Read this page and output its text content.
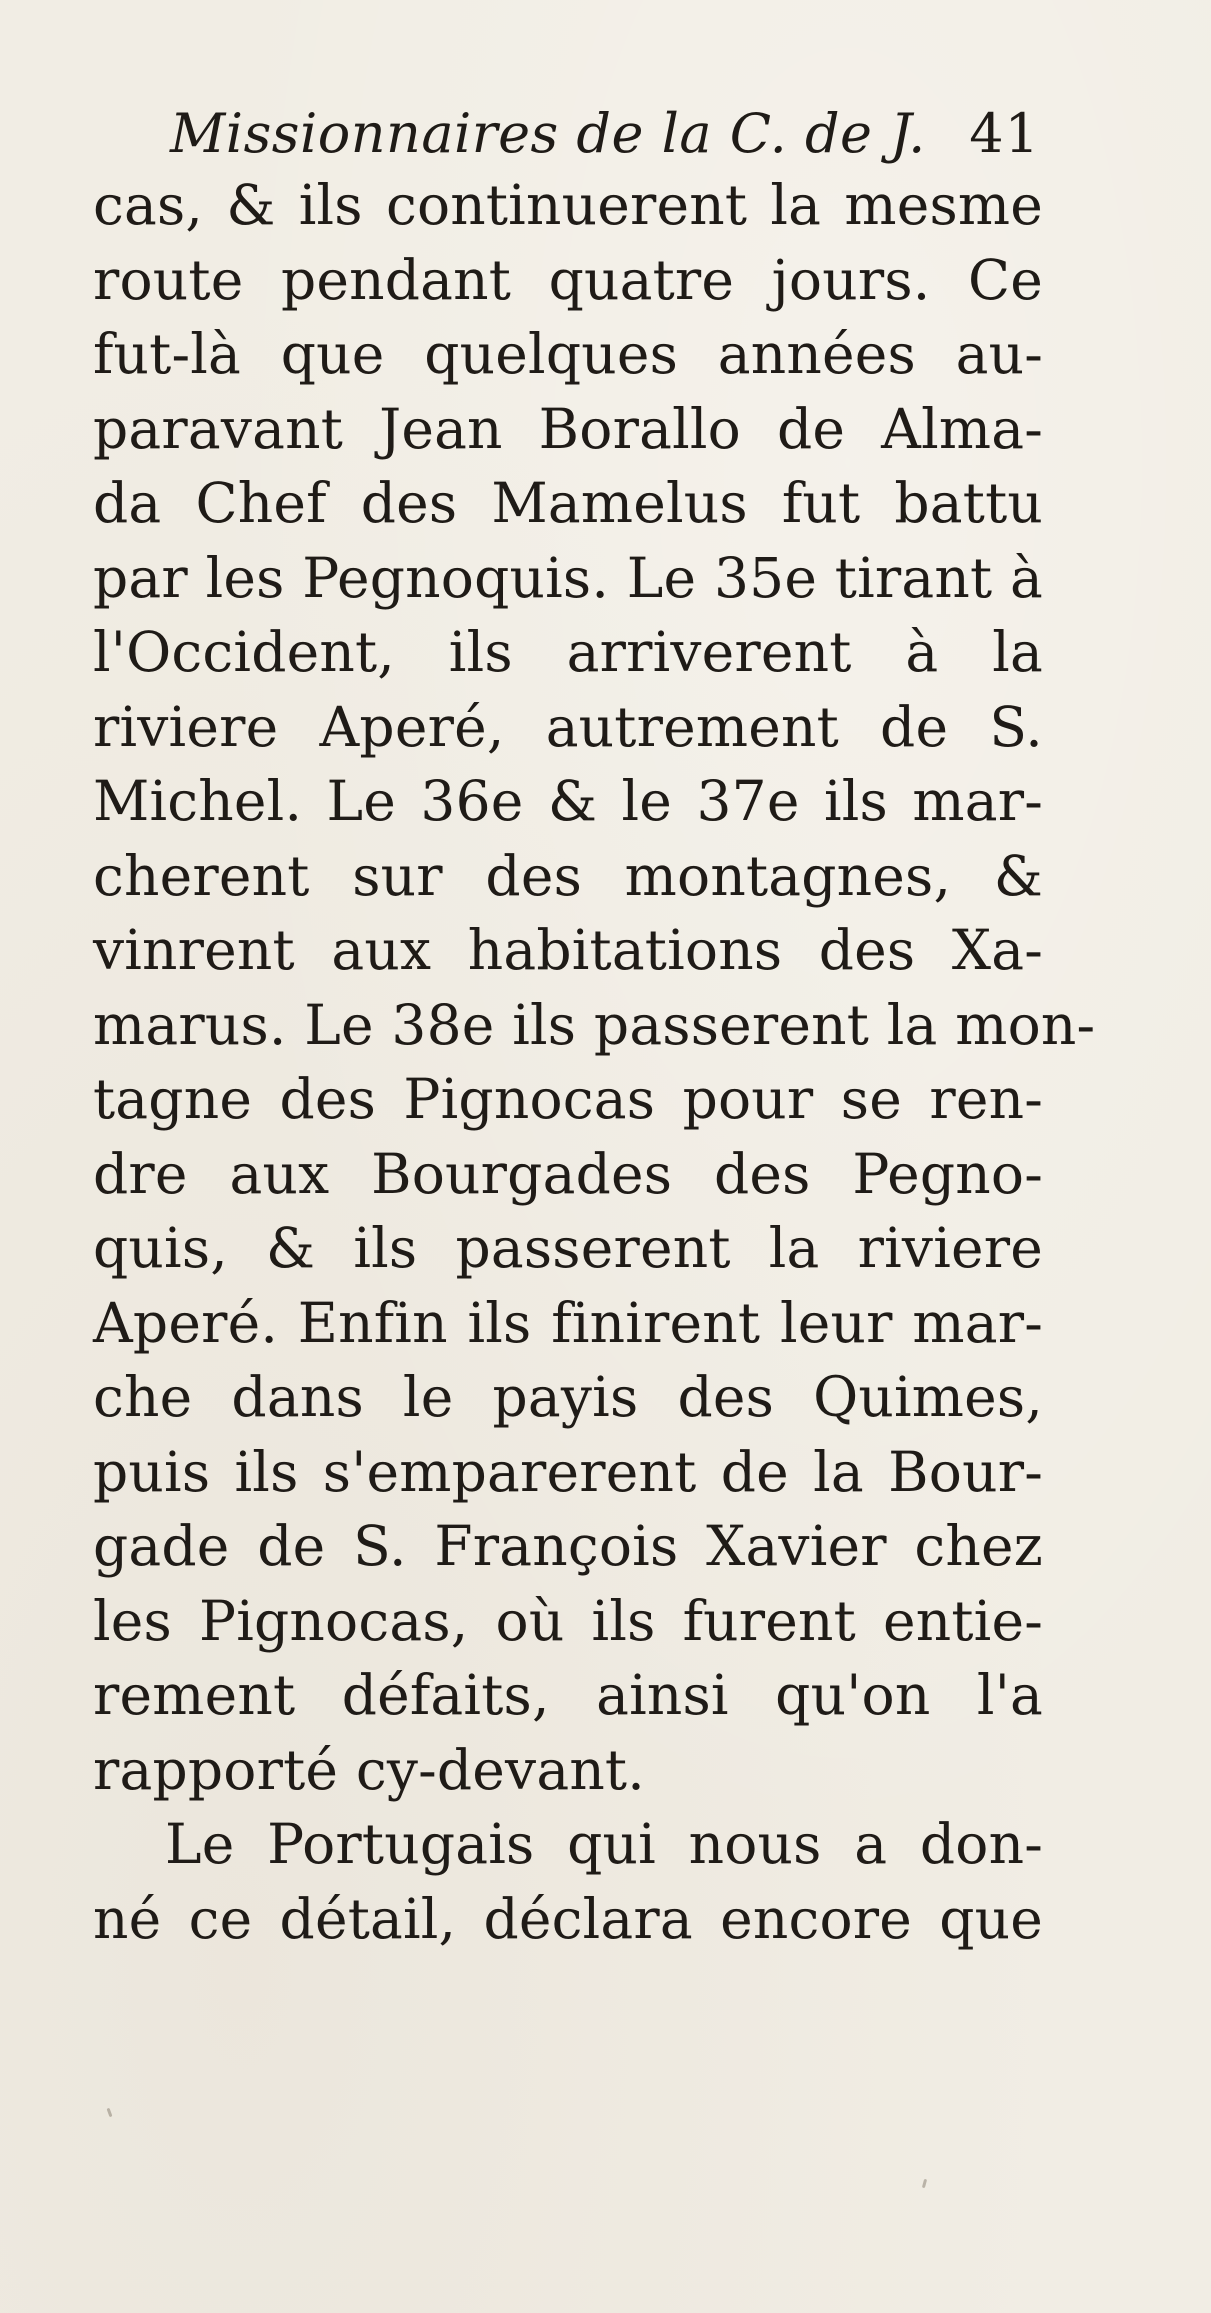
Missionnaires de la C. de J. 41
cas, & ils continuerent la mesme
route pendant quatre jours. Ce
fut-là que quelques années au-
paravant Jean Borallo de Alma-
da Chef des Mamelus fut battu
par les Pegnoquis. Le 35e tirant à
l'Occident, ils arriverent à la
riviere Aperé, autrement de S.
Michel. Le 36e & le 37e ils mar-
cherent sur des montagnes, &
vinrent aux habitations des Xa-
marus. Le 38e ils passerent la mon-
tagne des Pignocas pour se ren-
dre aux Bourgades des Pegno-
quis, & ils passerent la riviere
Aperé. Enfin ils finirent leur mar-
che dans le payis des Quimes,
puis ils s'emparerent de la Bour-
gade de S. François Xavier chez
les Pignocas, où ils furent entie-
rement défaits, ainsi qu'on l'a
rapporté cy-devant.
Le Portugais qui nous a don-
né ce détail, déclara encore que
